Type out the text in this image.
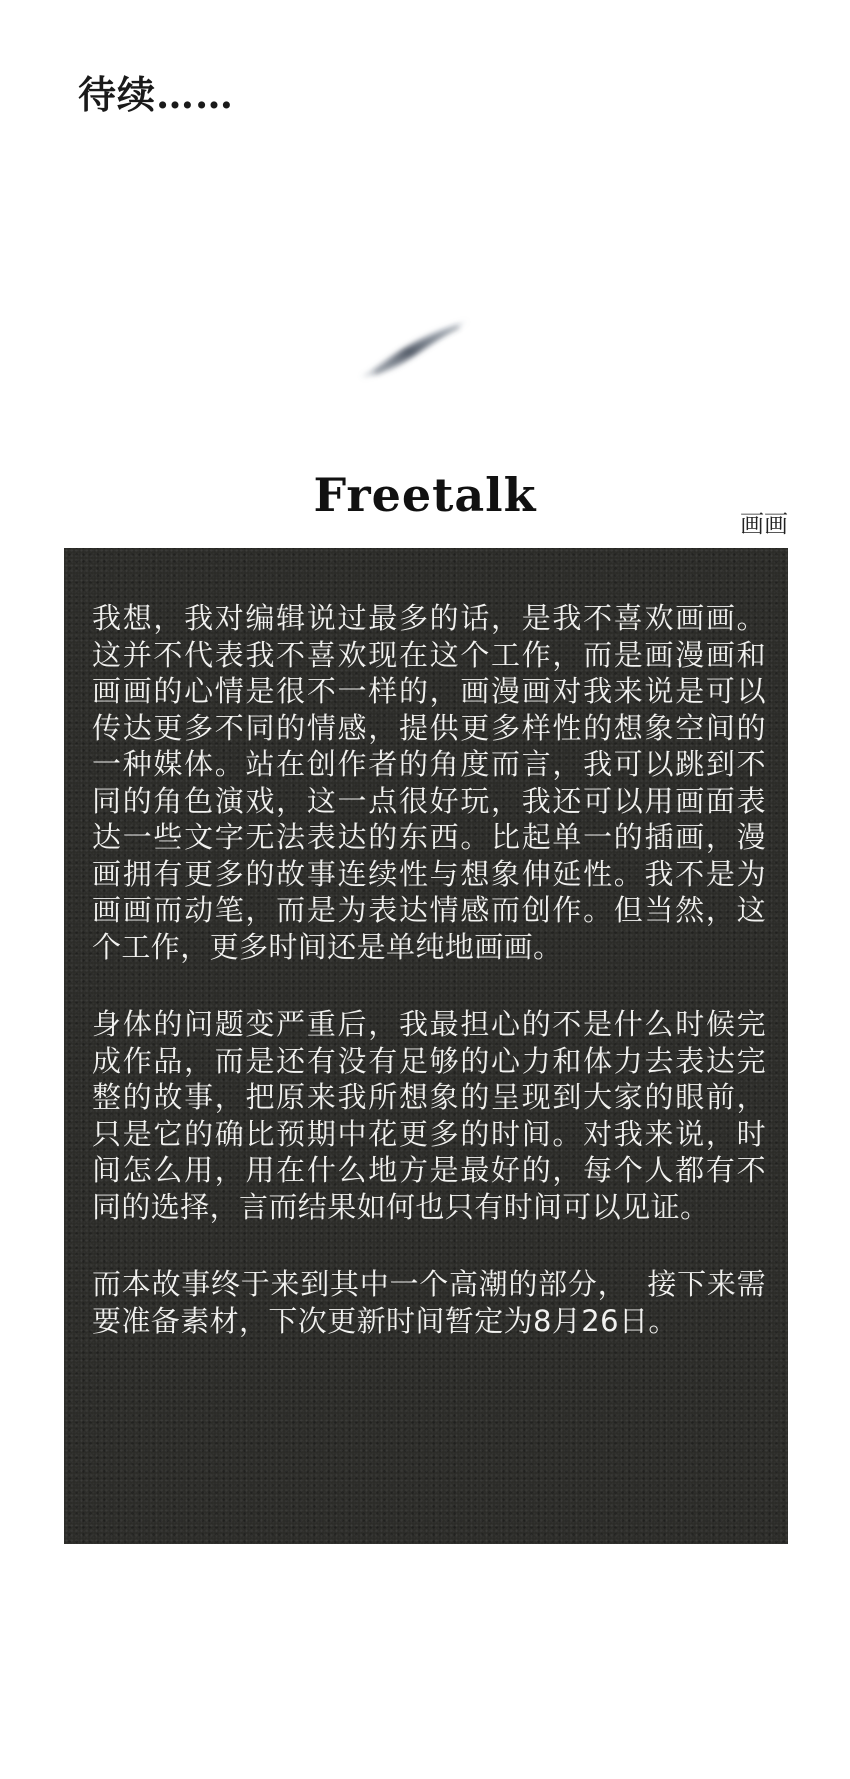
待续……
Freetalk
画画

我想，我对编辑说过最多的话，是我不喜欢画画。这并不代表我不喜欢现在这个工作，而是画漫画和画画的心情是很不一样的，画漫画对我来说是可以传达更多不同的情感，提供更多样性的想象空间的一种媒体。站在创作者的角度而言，我可以跳到不同的角色演戏，这一点很好玩，我还可以用画面表达一些文字无法表达的东西。比起单一的插画，漫画拥有更多的故事连续性与想象伸延性。我不是为画画而动笔，而是为表达情感而创作。但当然，这个工作，更多时间还是单纯地画画。

身体的问题变严重后，我最担心的不是什么时候完成作品，而是还有没有足够的心力和体力去表达完整的故事，把原来我所想象的呈现到大家的眼前，只是它的确比预期中花更多的时间。对我来说，时间怎么用，用在什么地方是最好的，每个人都有不同的选择，言而结果如何也只有时间可以见证。

而本故事终于来到其中一个高潮的部分，  接下来需要准备素材，下次更新时间暂定为8月26日。
